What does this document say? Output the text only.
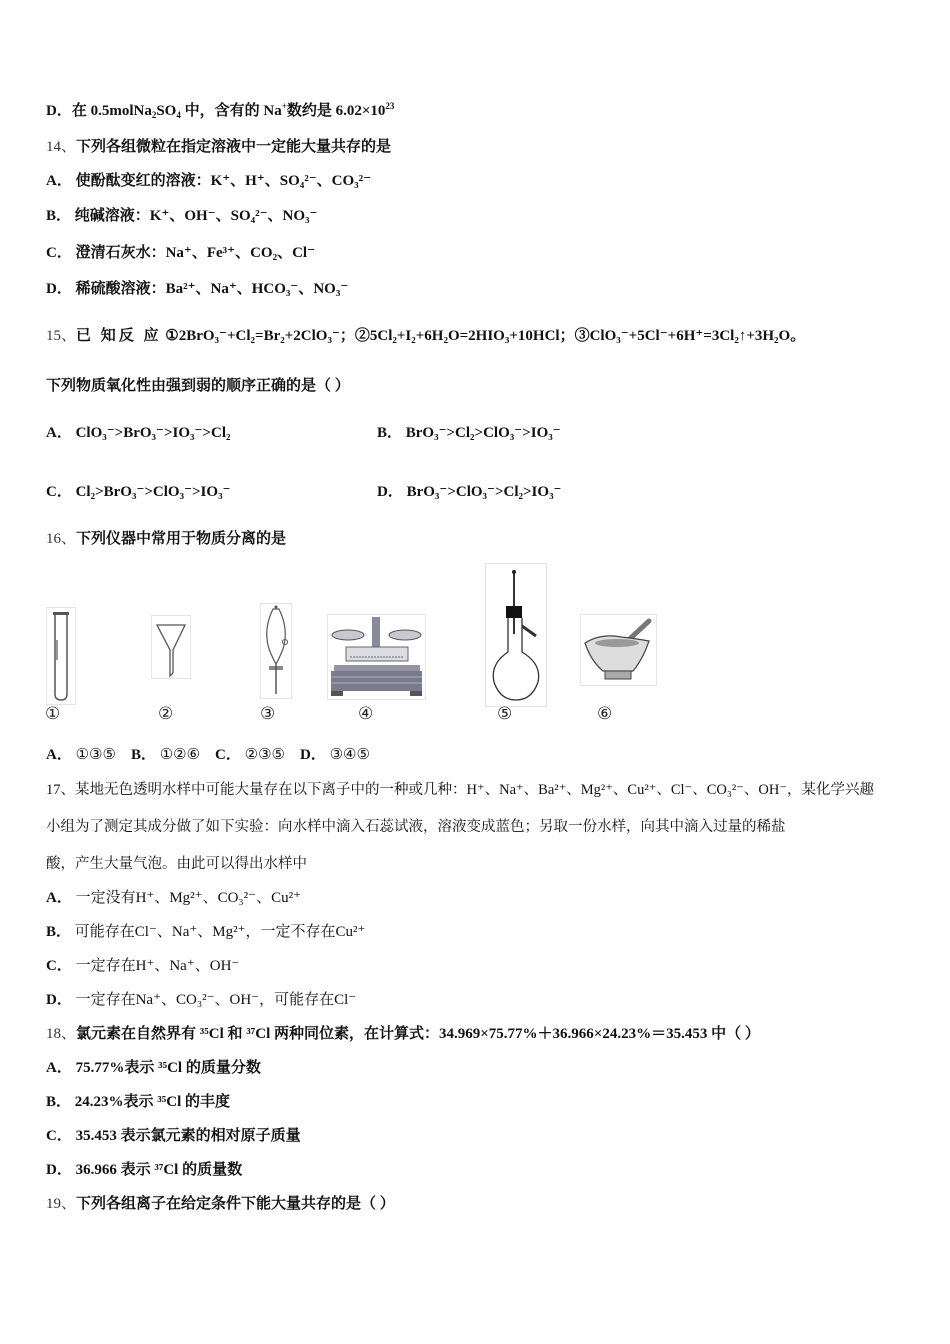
D．在 $0.5molNa_2SO_4$ 中，含有的 Na+数约是 $6.02\times 10^{23}$
14、下列各组微粒在指定溶液中一定能大量共存的是
A． 使酚酞变红的溶液：K⁺、H⁺、SO₄²⁻、CO₃²⁻
B． 纯碱溶液：K⁺、OH⁻、SO₄²⁻、NO₃⁻
C． 澄清石灰水：Na⁺、Fe³⁺、CO₂、Cl⁻
D． 稀硫酸溶液：Ba²⁺、Na⁺、HCO₃⁻、NO₃⁻
15、已 知反 应 ①2BrO₃⁻+Cl₂=Br₂+2ClO₃⁻；②5Cl₂+I₂+6H₂O=2HIO₃+10HCl；③ClO₃⁻+5Cl⁻+6H⁺=3Cl₂↑+3H₂O。
下列物质氧化性由强到弱的顺序正确的是（ ）
A． ClO₃⁻>BrO₃⁻>IO₃⁻>Cl₂	B． BrO₃⁻>Cl₂>ClO₃⁻>IO₃⁻
C． Cl₂>BrO₃⁻>ClO₃⁻>IO₃⁻	D． BrO₃⁻>ClO₃⁻>Cl₂>IO₃⁻
16、下列仪器中常用于物质分离的是
①	②	③	④	⑤	⑥
A． ①③⑤ B． ①②⑥ C． ②③⑤ D． ③④⑤
17、某地无色透明水样中可能大量存在以下离子中的一种或几种：H⁺、Na⁺、Ba²⁺、Mg²⁺、Cu²⁺、Cl⁻、CO₃²⁻、OH⁻，某化学兴趣
小组为了测定其成分做了如下实验：向水样中滴入石蕊试液，溶液变成蓝色；另取一份水样，向其中滴入过量的稀盐
酸，产生大量气泡。由此可以得出水样中
A． 一定没有H⁺、Mg²⁺、CO₃²⁻、Cu²⁺
B． 可能存在Cl⁻、Na⁺、Mg²⁺，一定不存在Cu²⁺
C． 一定存在H⁺、Na⁺、OH⁻
D． 一定存在Na⁺、CO₃²⁻、OH⁻，可能存在Cl⁻
18、氯元素在自然界有 ³⁵Cl 和 ³⁷Cl 两种同位素，在计算式：34.969×75.77%＋36.966×24.23%＝35.453 中（ ）
A． 75.77%表示 ³⁵Cl 的质量分数
B． 24.23%表示 ³⁵Cl 的丰度
C． 35.453 表示氯元素的相对原子质量
D． 36.966 表示 ³⁷Cl 的质量数
19、下列各组离子在给定条件下能大量共存的是（ ）
